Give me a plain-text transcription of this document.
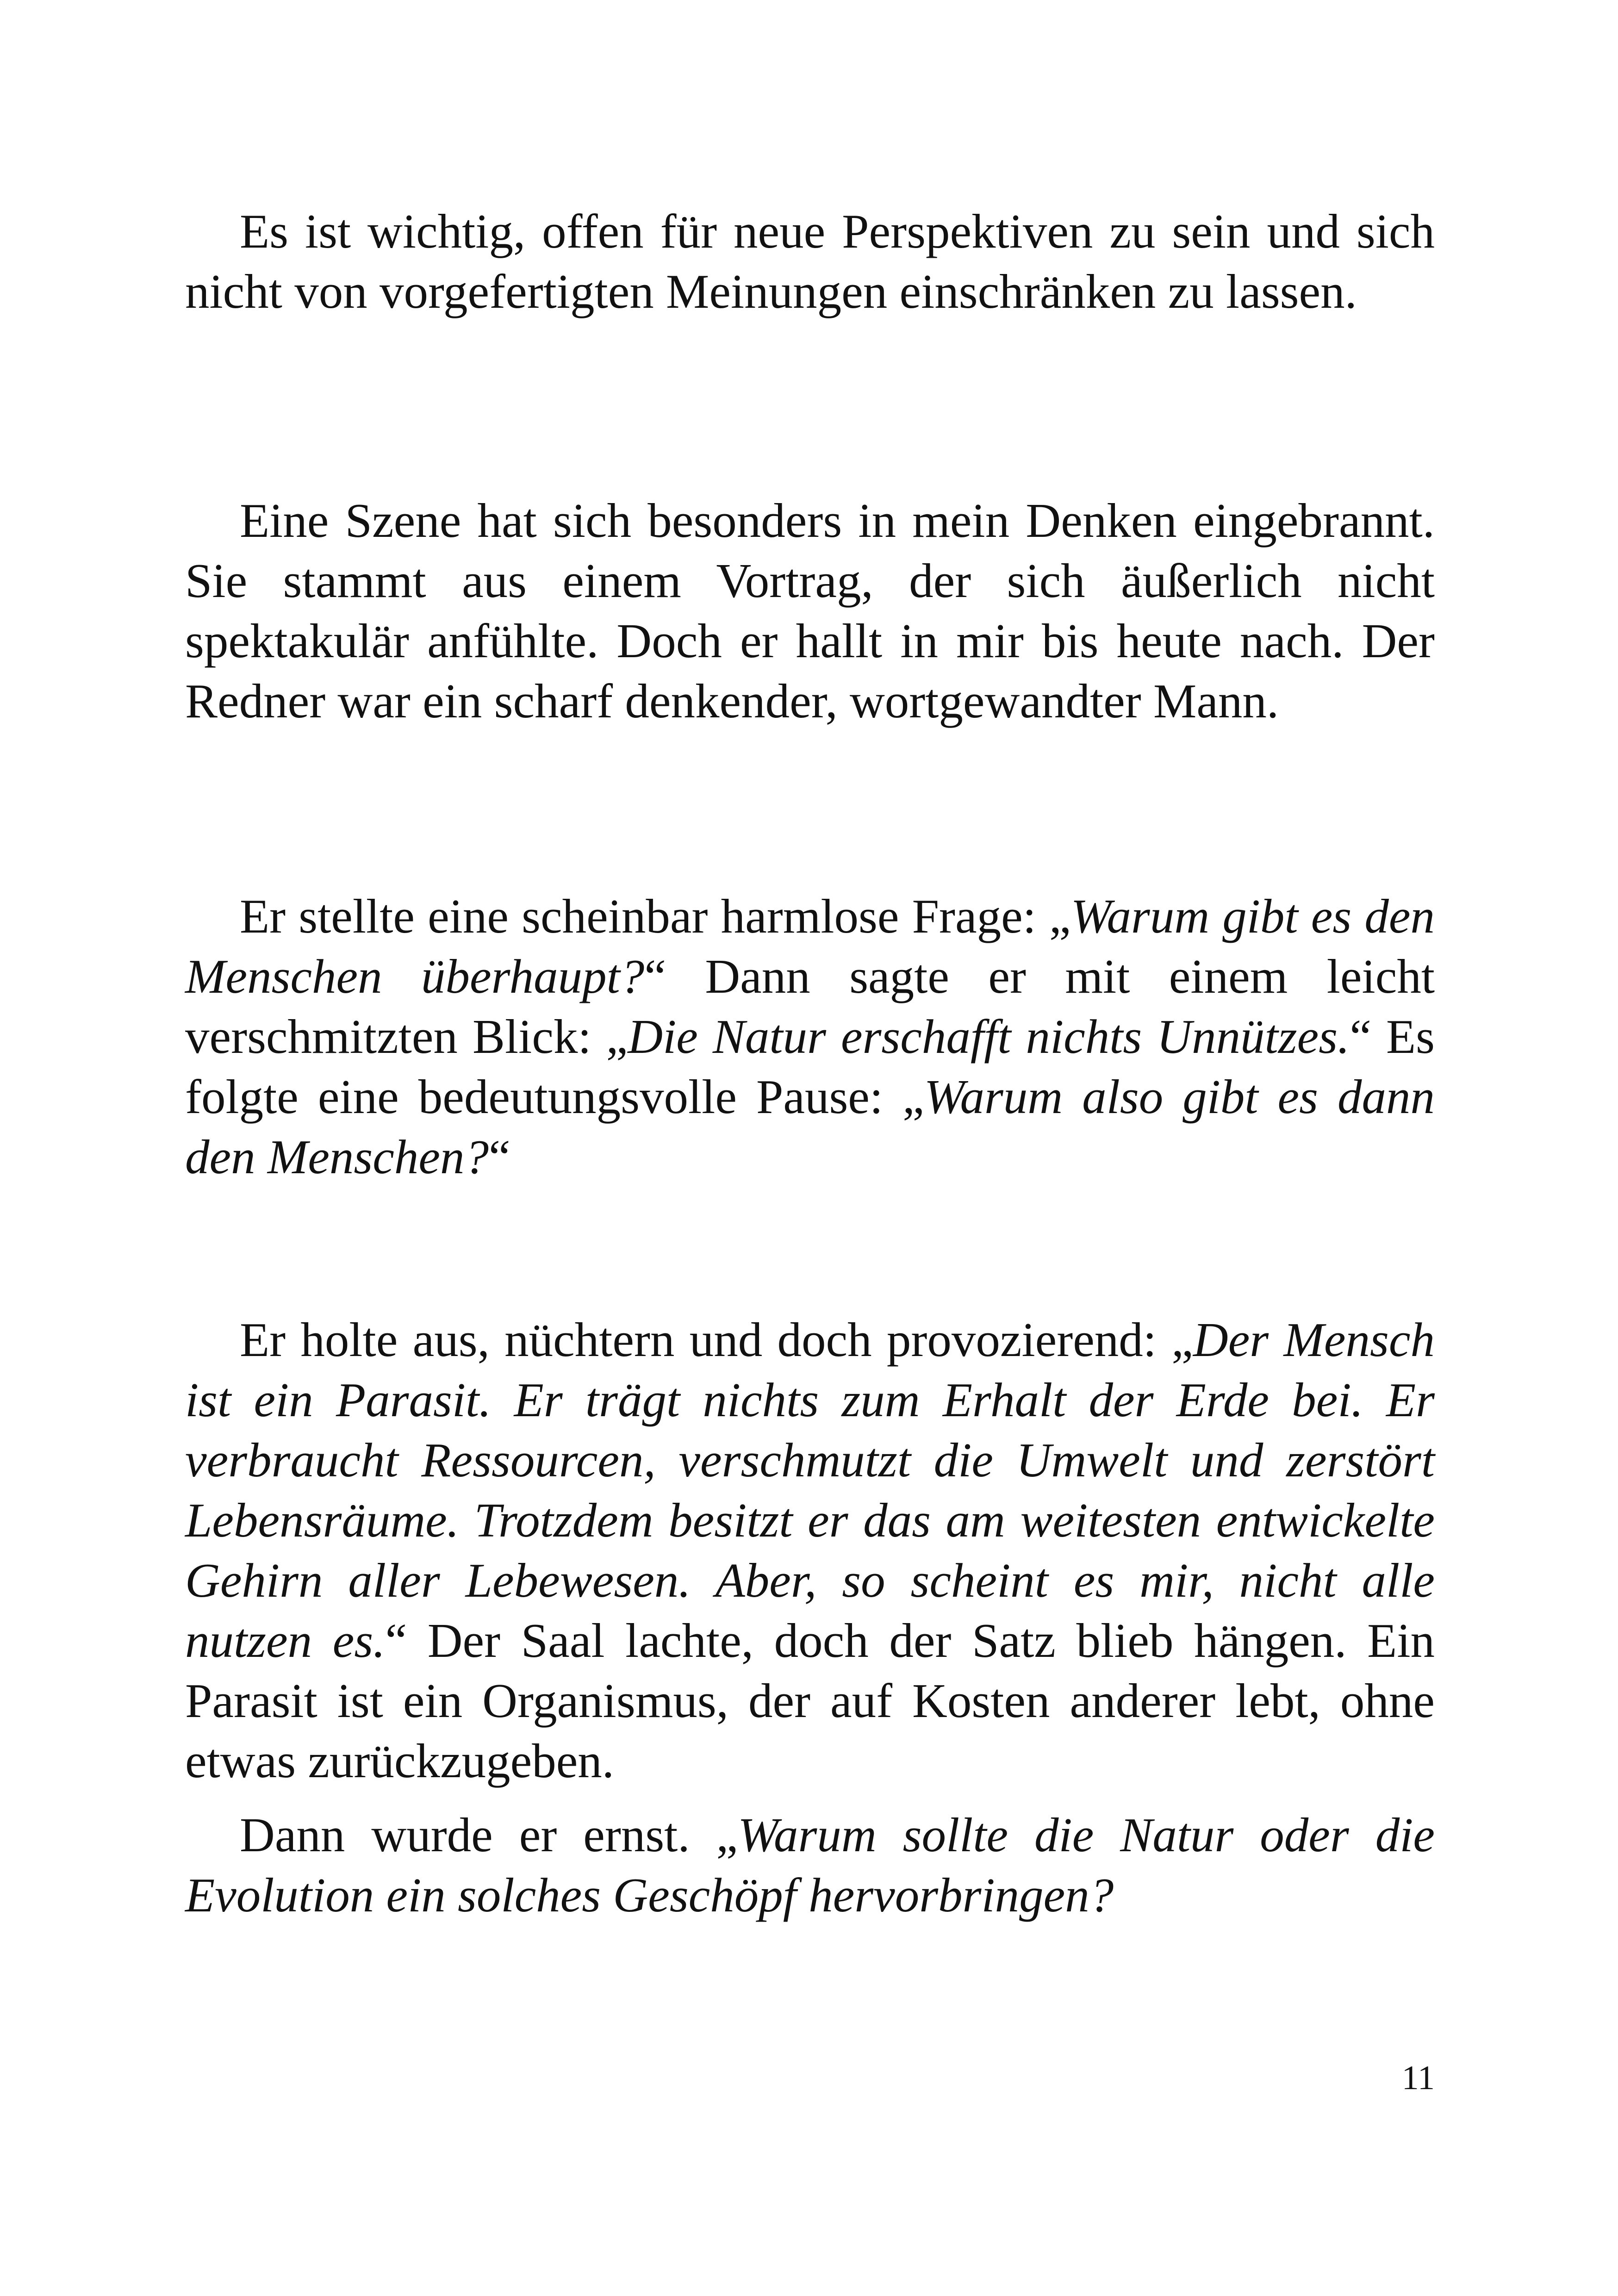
Es ist wichtig, offen für neue Perspektiven zu sein und sich nicht von vorgefertigten Meinungen einschränken zu lassen.

Eine Szene hat sich besonders in mein Denken eingebrannt. Sie stammt aus einem Vortrag, der sich äußerlich nicht spektakulär anfühlte. Doch er hallt in mir bis heute nach. Der Redner war ein scharf denkender, wortgewandter Mann.

Er stellte eine scheinbar harmlose Frage: „Warum gibt es den Menschen überhaupt?“ Dann sagte er mit einem leicht verschmitzten Blick: „Die Natur erschafft nichts Unnützes.“ Es folgte eine bedeutungsvolle Pause: „Warum also gibt es dann den Menschen?“

Er holte aus, nüchtern und doch provozierend: „Der Mensch ist ein Parasit. Er trägt nichts zum Erhalt der Erde bei. Er verbraucht Ressourcen, verschmutzt die Umwelt und zerstört Lebensräume. Trotzdem besitzt er das am weitesten entwickelte Gehirn aller Lebewesen. Aber, so scheint es mir, nicht alle nutzen es.“ Der Saal lachte, doch der Satz blieb hängen. Ein Parasit ist ein Organismus, der auf Kosten anderer lebt, ohne etwas zurückzugeben.

Dann wurde er ernst. „Warum sollte die Natur oder die Evolution ein solches Geschöpf hervorbringen?

11
